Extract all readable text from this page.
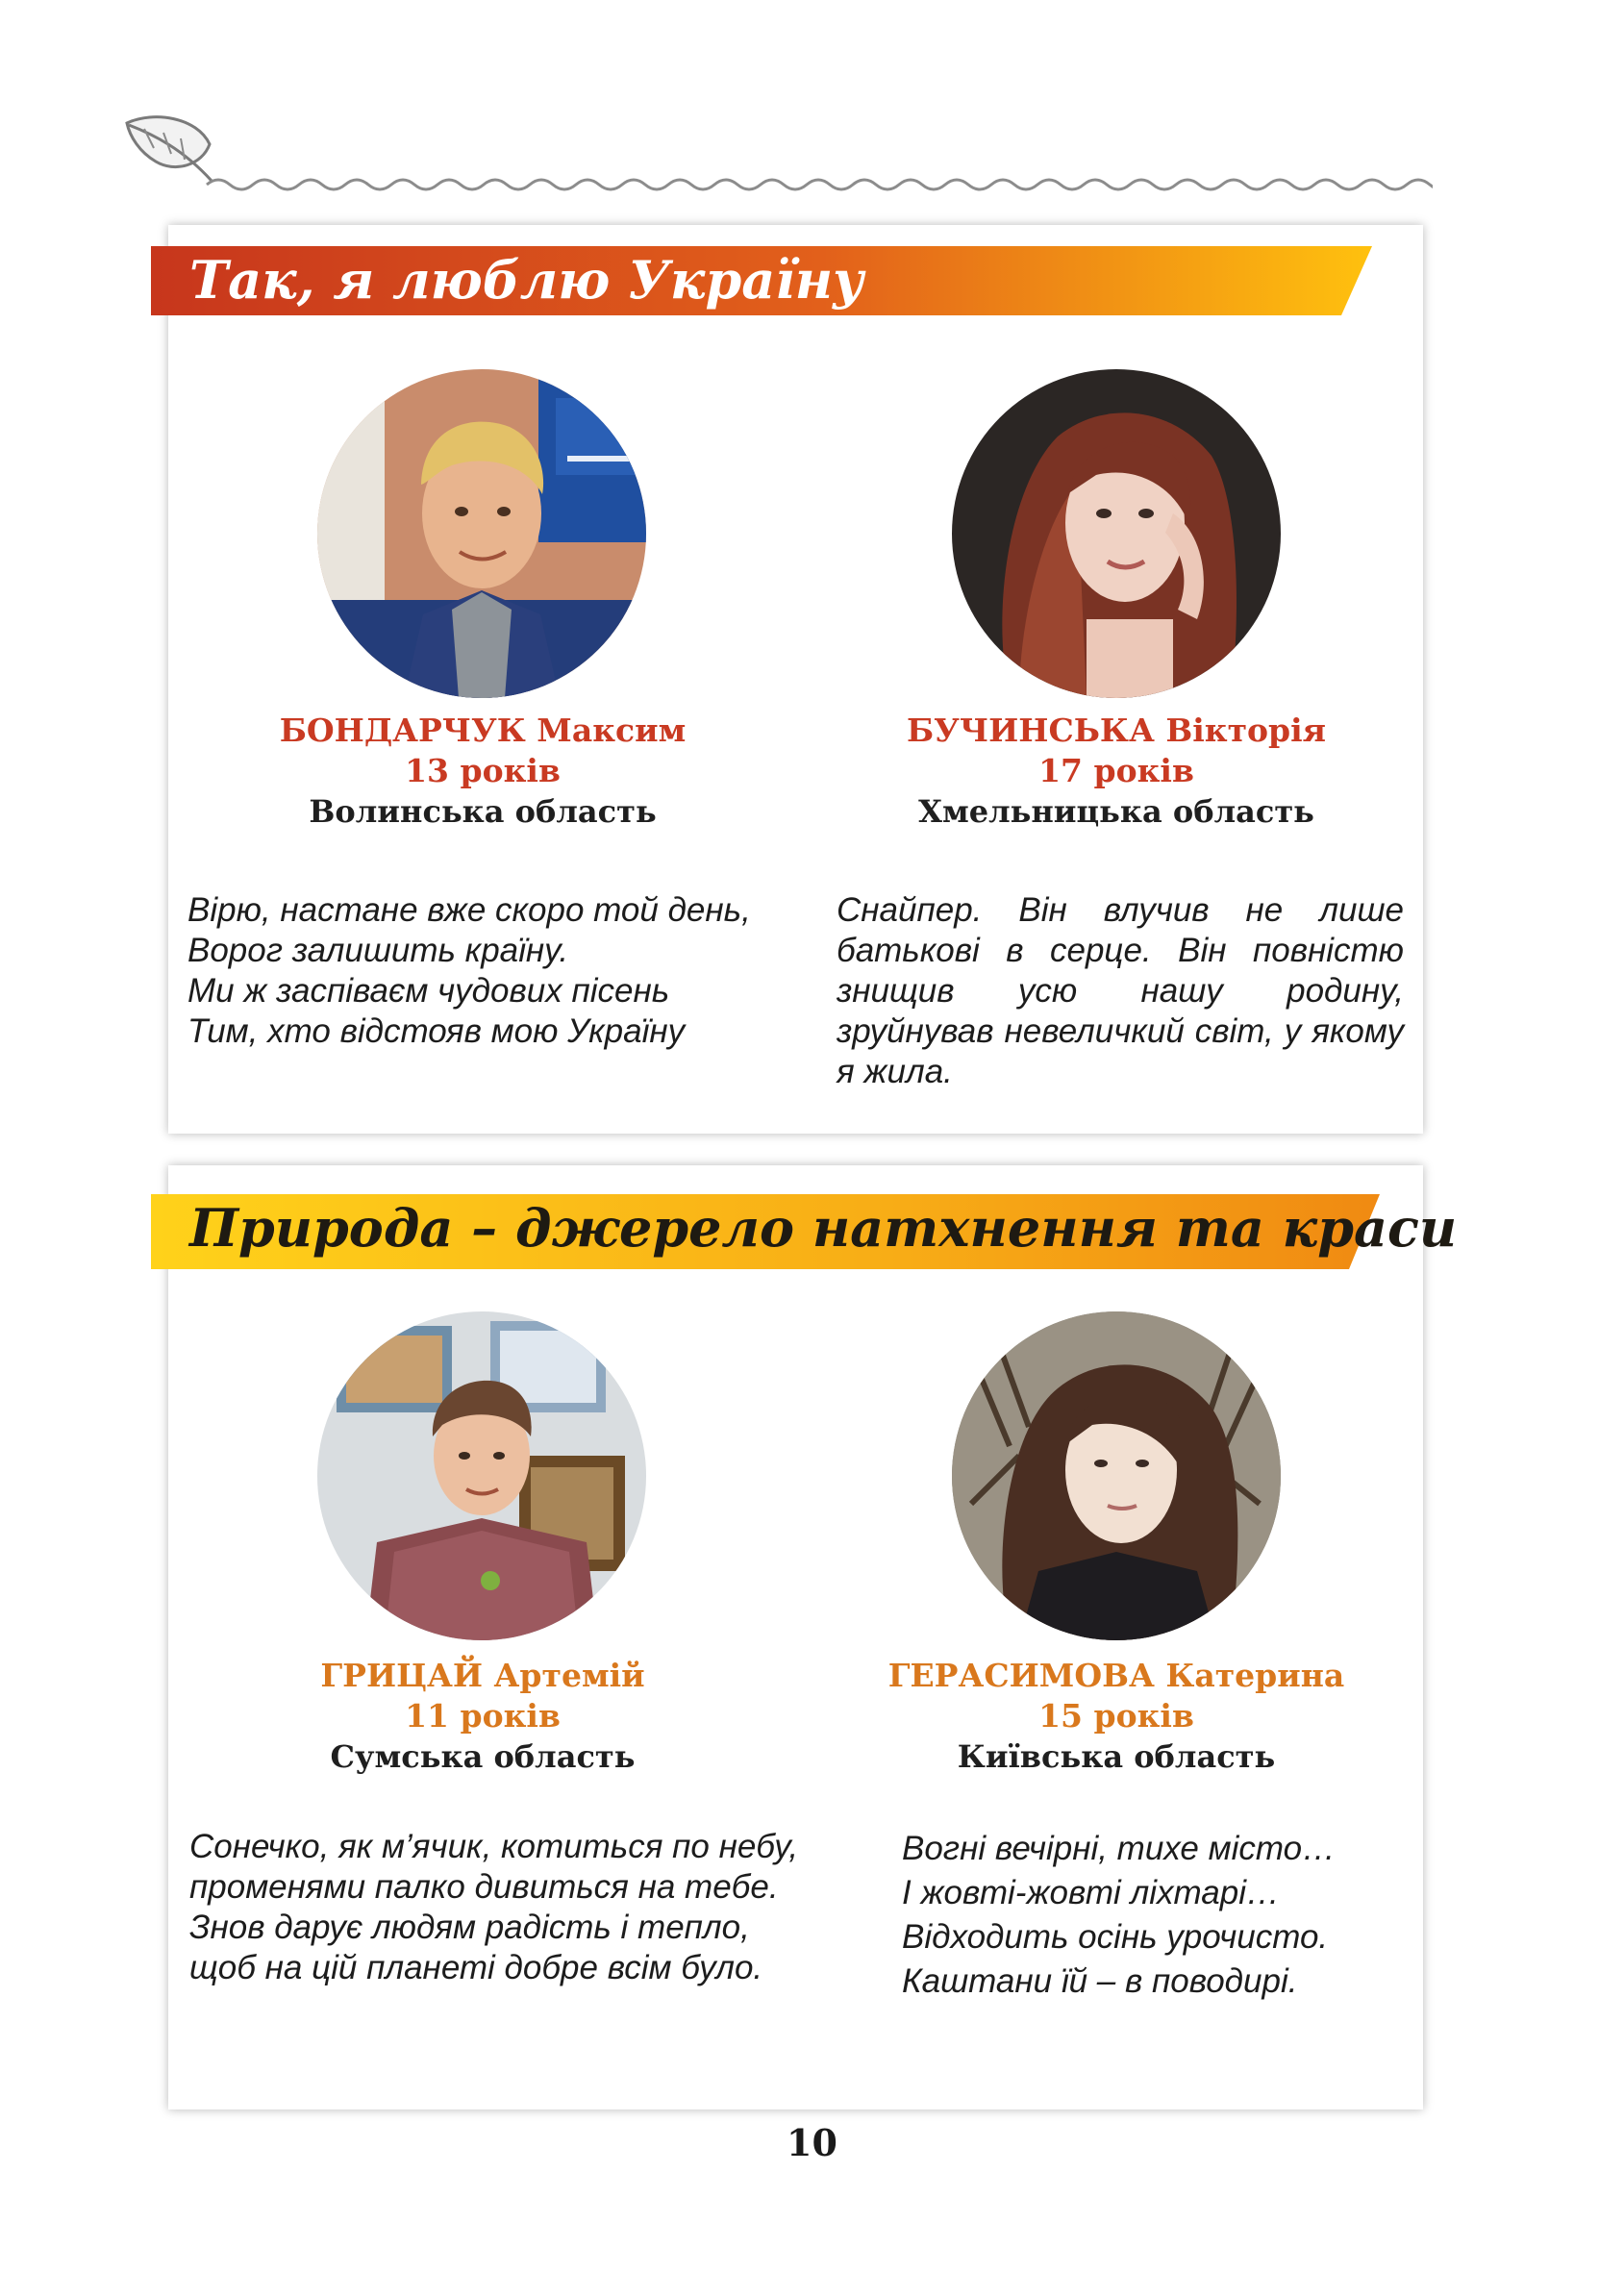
Так, я люблю Україну
БОНДАРЧУК Максим
13 років
Волинська область
БУЧИНСЬКА Вікторія
17 років
Хмельницька область
Вірю, настане вже скоро той день,
Ворог залишить країну.
Ми ж заспіваєм чудових пісень
Тим, хто відстояв мою Україну
Снайпер. Він влучив не лише батькові в серце. Він повністю знищив усю нашу родину, зруйнував невеличкий світ, у якому я жила.
Природа – джерело натхнення та краси
ГРИЦАЙ Артемій
11 років
Сумська область
ГЕРАСИМОВА Катерина
15 років
Київська область
Сонечко, як м’ячик, котиться по небу,
променями палко дивиться на тебе.
Знов дарує людям радість і тепло,
щоб на цій планеті добре всім було.
Вогні вечірні, тихе місто…
І жовті-жовті ліхтарі…
Відходить осінь урочисто.
Каштани їй – в поводирі.
10
